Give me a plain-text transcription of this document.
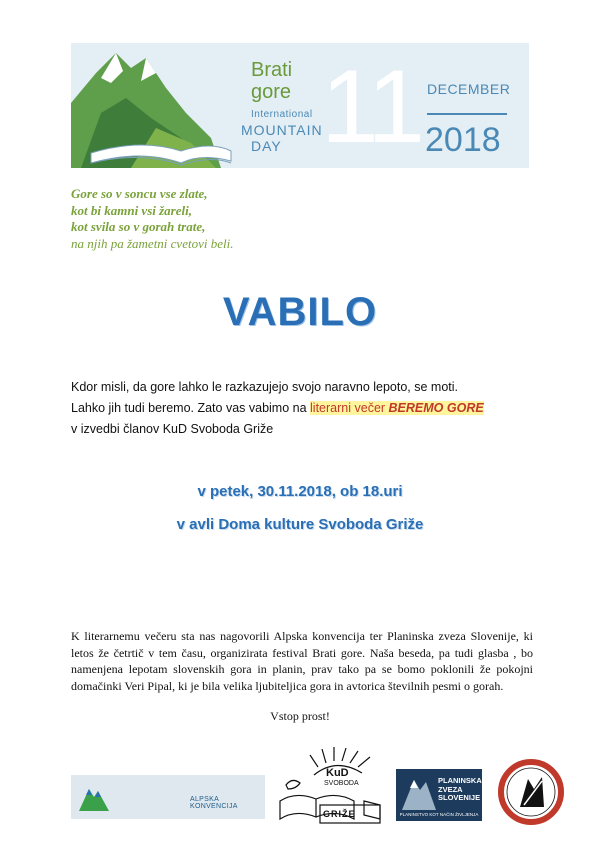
Brati
gore
International
MOUNTAIN
DAY 11 DECEMBER
2018
Gore so v soncu vse zlate,
kot bi kamni vsi žareli,
kot svila so v gorah trate,
na njih pa žametni cvetovi beli.
VABILO
Kdor misli, da gore lahko le razkazujejo svojo naravno lepoto, se moti.
Lahko jih tudi beremo. Zato vas vabimo na literarni večer BEREMO GORE
v izvedbi članov KuD Svoboda Griže
v petek, 30.11.2018, ob 18.uri
v avli Doma kulture Svoboda Griže
K literarnemu večeru sta nas nagovorili Alpska konvencija ter Planinska zveza Slovenije, ki letos že četrtič v tem času, organizirata festival Brati gore. Naša beseda, pa tudi glasba , bo namenjena lepotam slovenskih gora in planin, prav tako pa se bomo poklonili že pokojni domačinki Veri Pipal, ki je bila velika ljubiteljica gora in avtorica številnih pesmi o gorah.
Vstop prost!
ALPSKA KONVENCIJA
KuD
SVOBODA
GRIŽE
PLANINSKA
ZVEZA
SLOVENIJE
PLANINSTVO KOT NAČIN ŽIVLJENJA
